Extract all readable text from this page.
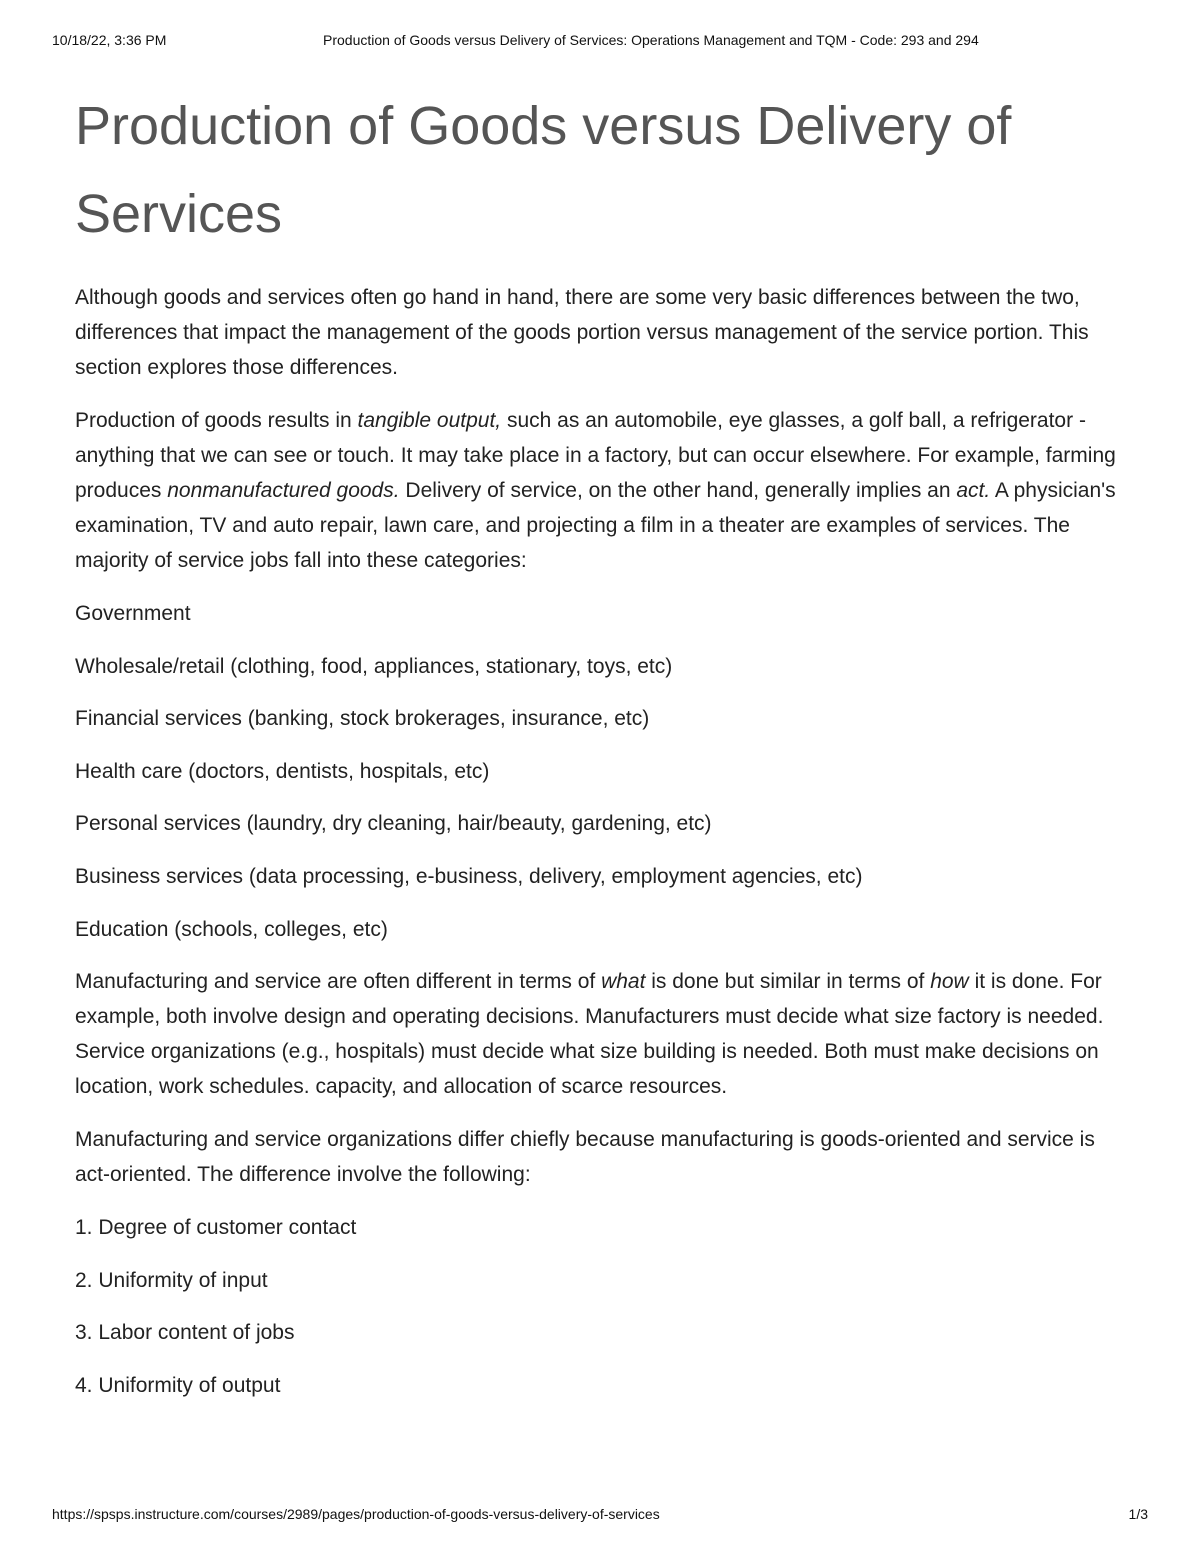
10/18/22, 3:36 PM	Production of Goods versus Delivery of Services: Operations Management and TQM - Code: 293 and 294
Production of Goods versus Delivery of Services

Although goods and services often go hand in hand, there are some very basic differences between the two, differences that impact the management of the goods portion versus management of the service portion. This section explores those differences.

Production of goods results in tangible output, such as an automobile, eye glasses, a golf ball, a refrigerator - anything that we can see or touch. It may take place in a factory, but can occur elsewhere. For example, farming produces nonmanufactured goods. Delivery of service, on the other hand, generally implies an act. A physician's examination, TV and auto repair, lawn care, and projecting a film in a theater are examples of services. The majority of service jobs fall into these categories:

Government

Wholesale/retail (clothing, food, appliances, stationary, toys, etc)

Financial services (banking, stock brokerages, insurance, etc)

Health care (doctors, dentists, hospitals, etc)

Personal services (laundry, dry cleaning, hair/beauty, gardening, etc)

Business services (data processing, e-business, delivery, employment agencies, etc)

Education (schools, colleges, etc)

Manufacturing and service are often different in terms of what is done but similar in terms of how it is done. For example, both involve design and operating decisions. Manufacturers must decide what size factory is needed. Service organizations (e.g., hospitals) must decide what size building is needed. Both must make decisions on location, work schedules. capacity, and allocation of scarce resources.

Manufacturing and service organizations differ chiefly because manufacturing is goods-oriented and service is act-oriented. The difference involve the following:

1. Degree of customer contact

2. Uniformity of input

3. Labor content of jobs

4. Uniformity of output

https://spsps.instructure.com/courses/2989/pages/production-of-goods-versus-delivery-of-services	1/3
